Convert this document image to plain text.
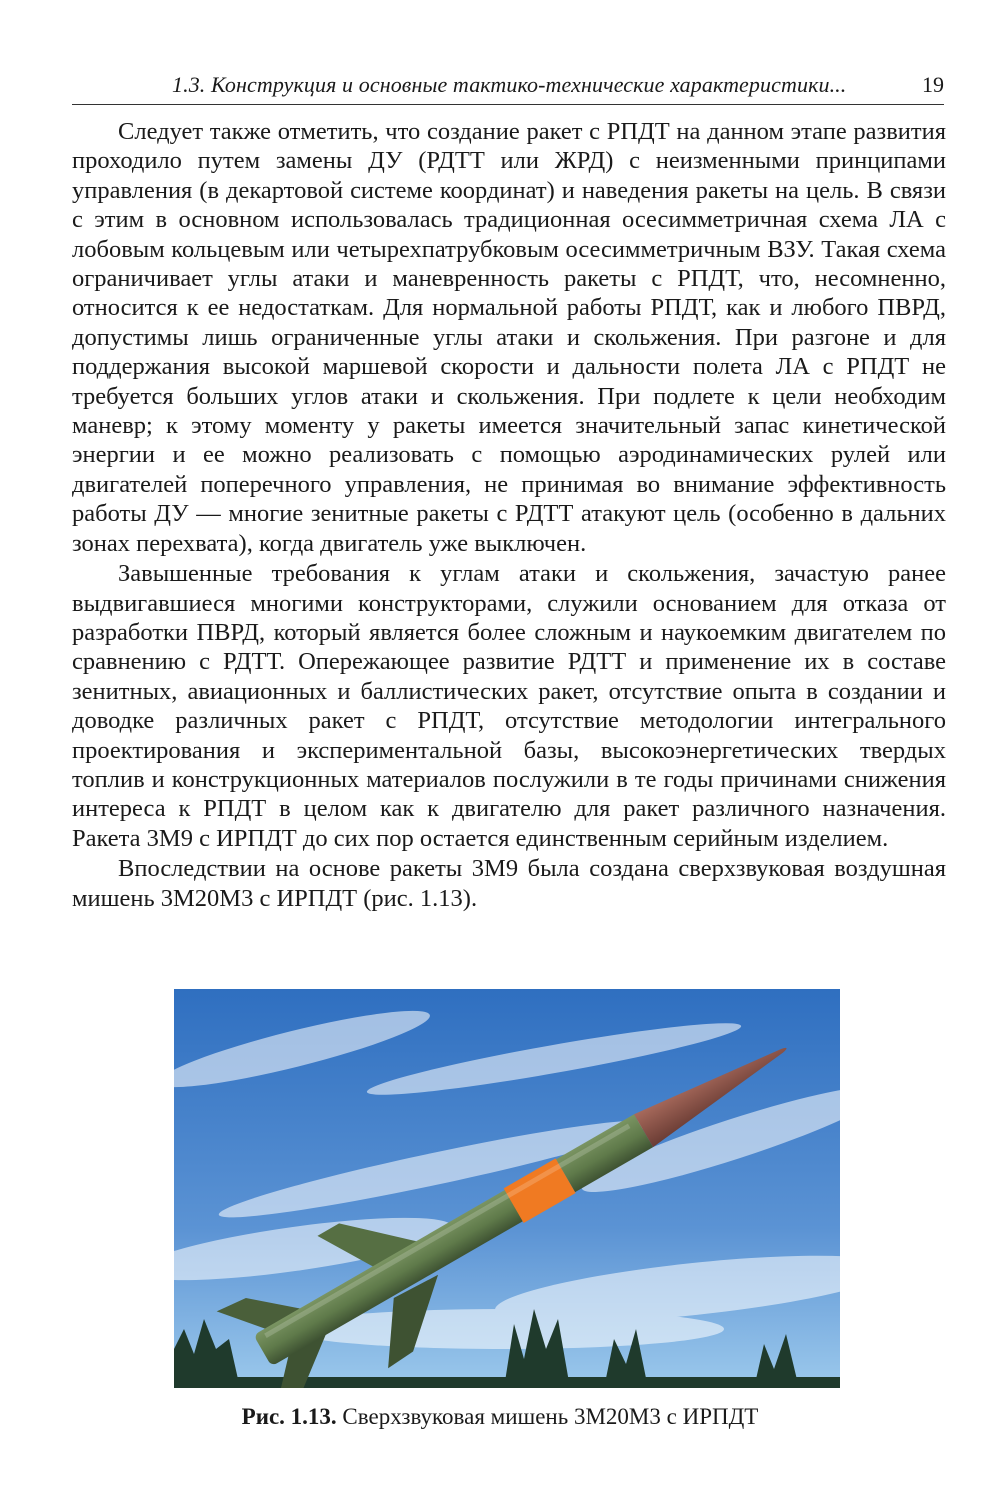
1.3. Конструкция и основные тактико-технические характеристики...	19

Следует также отметить, что создание ракет с РПДТ на данном этапе развития проходило путем замены ДУ (РДТТ или ЖРД) с неизменными принципами управления (в декартовой системе координат) и наведения ракеты на цель. В связи с этим в основном использовалась традиционная осесимметричная схема ЛА с лобовым кольцевым или четырехпатрубковым осесимметричным ВЗУ. Такая схема ограничивает углы атаки и маневренность ракеты с РПДТ, что, несомненно, относится к ее недостаткам. Для нормальной работы РПДТ, как и любого ПВРД, допустимы лишь ограниченные углы атаки и скольжения. При разгоне и для поддержания высокой маршевой скорости и дальности полета ЛА с РПДТ не требуется больших углов атаки и скольжения. При подлете к цели необходим маневр; к этому моменту у ракеты имеется значительный запас кинетической энергии и ее можно реализовать с помощью аэродинамических рулей или двигателей поперечного управления, не принимая во внимание эффективность работы ДУ — многие зенитные ракеты с РДТТ атакуют цель (особенно в дальних зонах перехвата), когда двигатель уже выключен.

Завышенные требования к углам атаки и скольжения, зачастую ранее выдвигавшиеся многими конструкторами, служили основанием для отказа от разработки ПВРД, который является более сложным и наукоемким двигателем по сравнению с РДТТ. Опережающее развитие РДТТ и применение их в составе зенитных, авиационных и баллистических ракет, отсутствие опыта в создании и доводке различных ракет с РПДТ, отсутствие методологии интегрального проектирования и экспериментальной базы, высокоэнергетических твердых топлив и конструкционных материалов послужили в те годы причинами снижения интереса к РПДТ в целом как к двигателю для ракет различного назначения. Ракета 3М9 с ИРПДТ до сих пор остается единственным серийным изделием.

Впоследствии на основе ракеты 3М9 была создана сверхзвуковая воздушная мишень 3М20М3 с ИРПДТ (рис. 1.13).

Рис. 1.13. Сверхзвуковая мишень 3М20М3 с ИРПДТ
